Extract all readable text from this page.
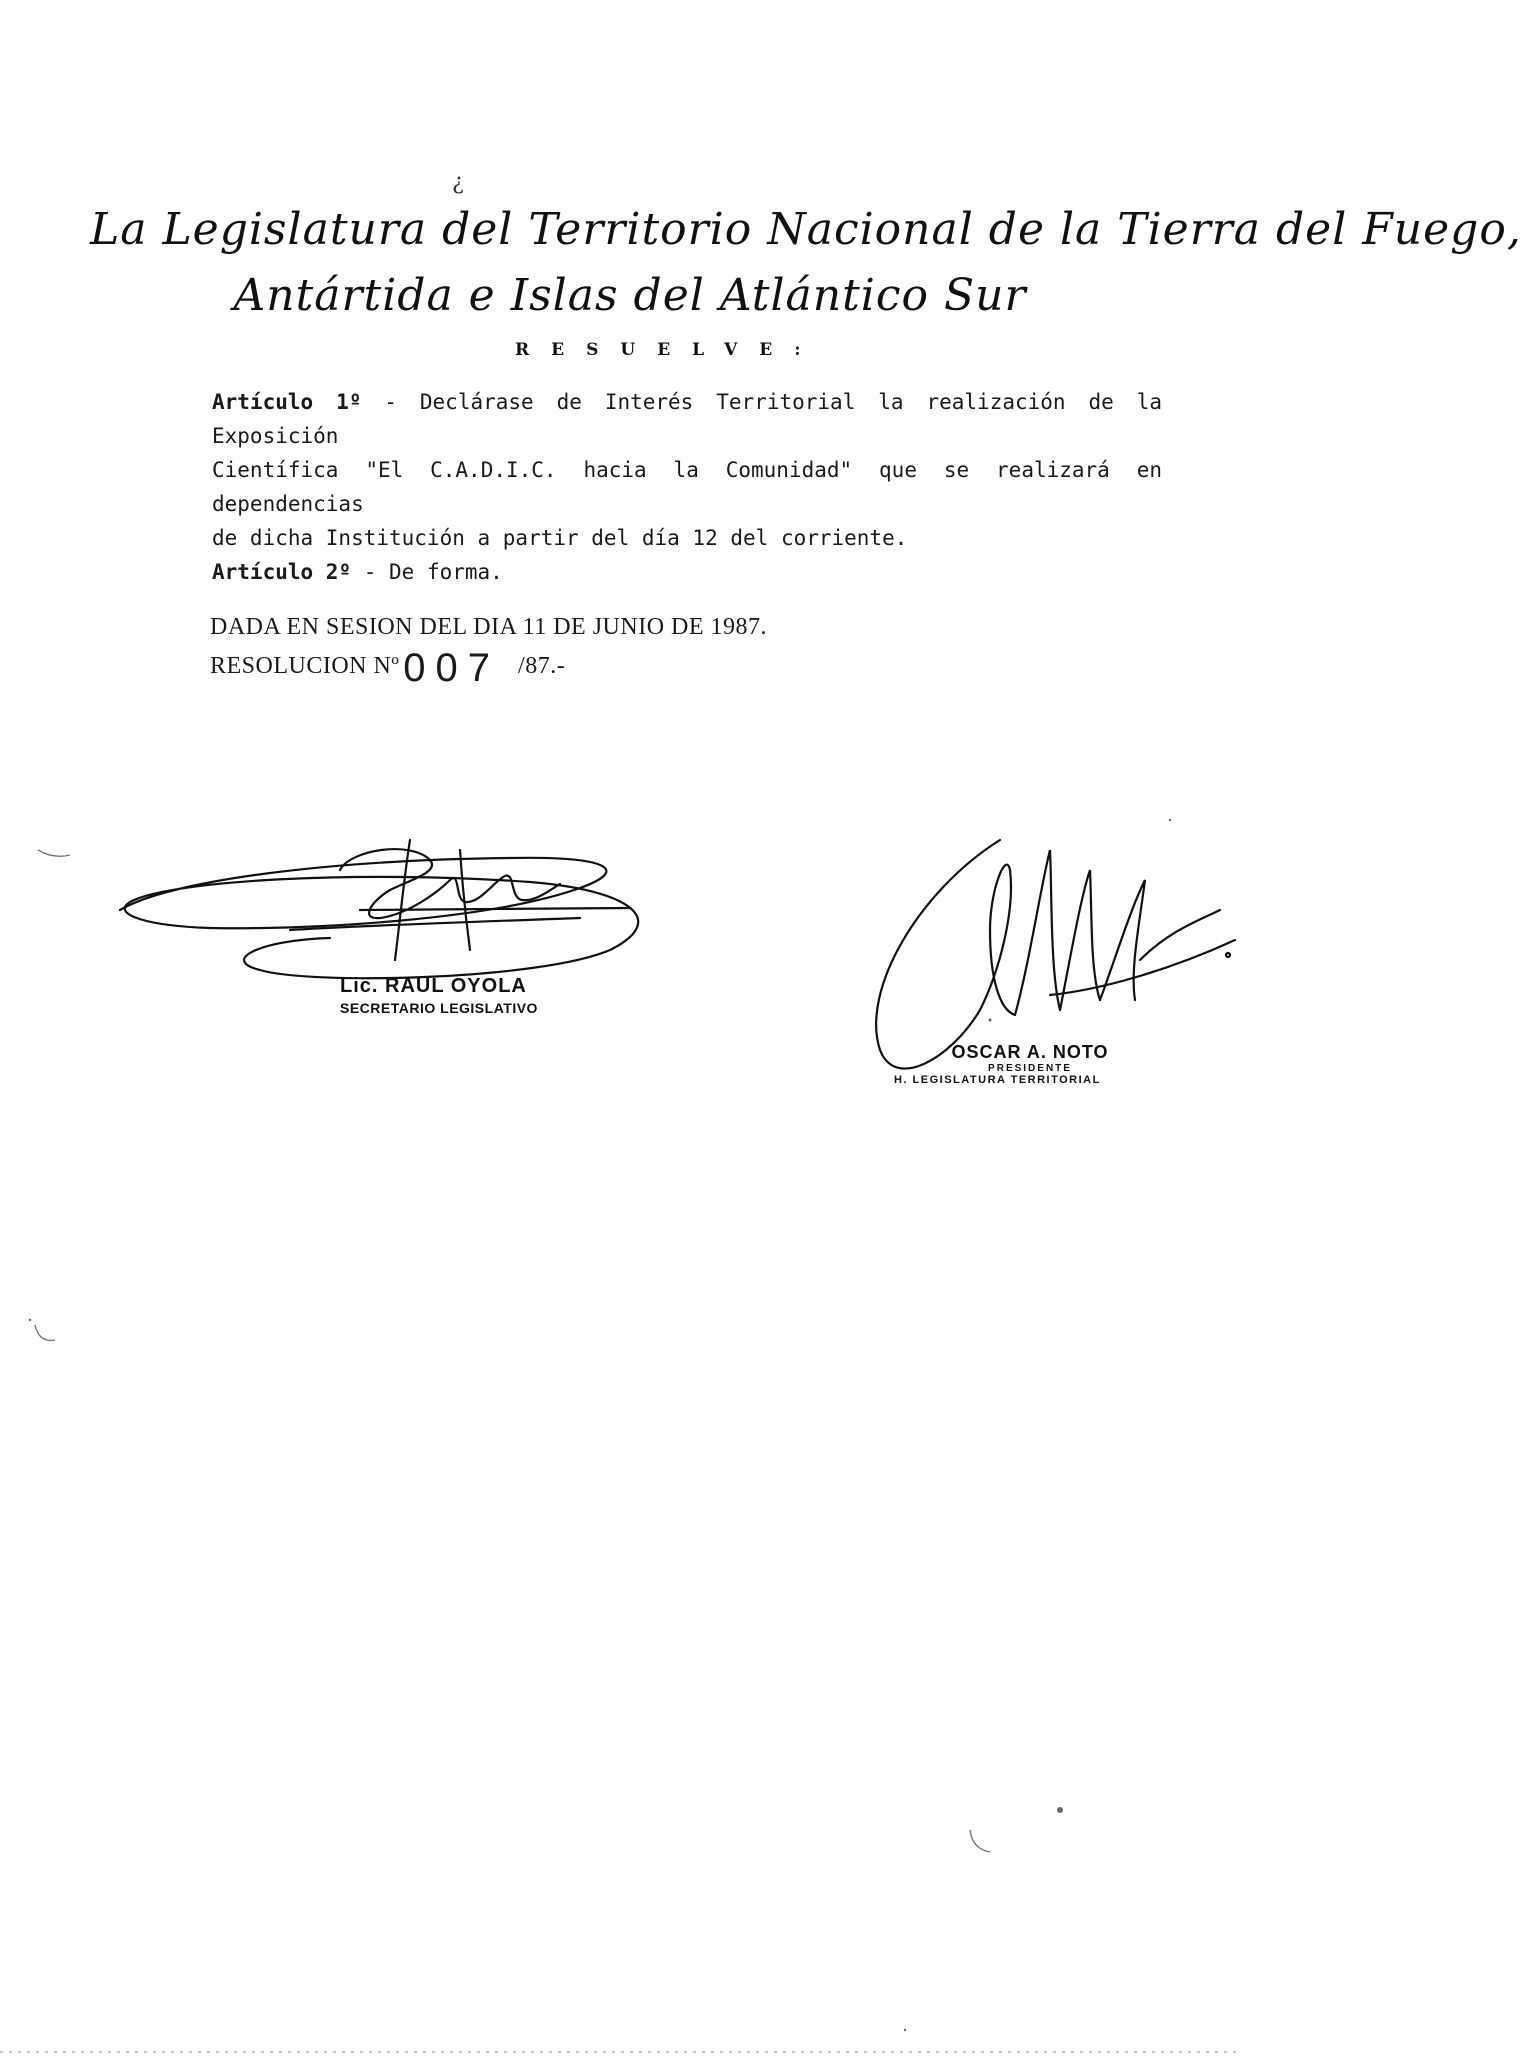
¿
La Legislatura del Territorio Nacional de la Tierra del Fuego,
Antártida e Islas del Atlántico Sur
RESUELVE:

Artículo 1º - Declárase de Interés Territorial la realización de la Exposición

Científica "El C.A.D.I.C. hacia la Comunidad" que se realizará en dependencias

de dicha Institución a partir del día 12 del corriente.

Artículo 2º - De forma.

DADA EN SESION DEL DIA 11 DE JUNIO DE 1987.
RESOLUCION Nº 007 /87.-
Lic. RAUL OYOLA
SECRETARIO LEGISLATIVO
OSCAR A. NOTO
PRESIDENTE
H. LEGISLATURA TERRITORIAL
